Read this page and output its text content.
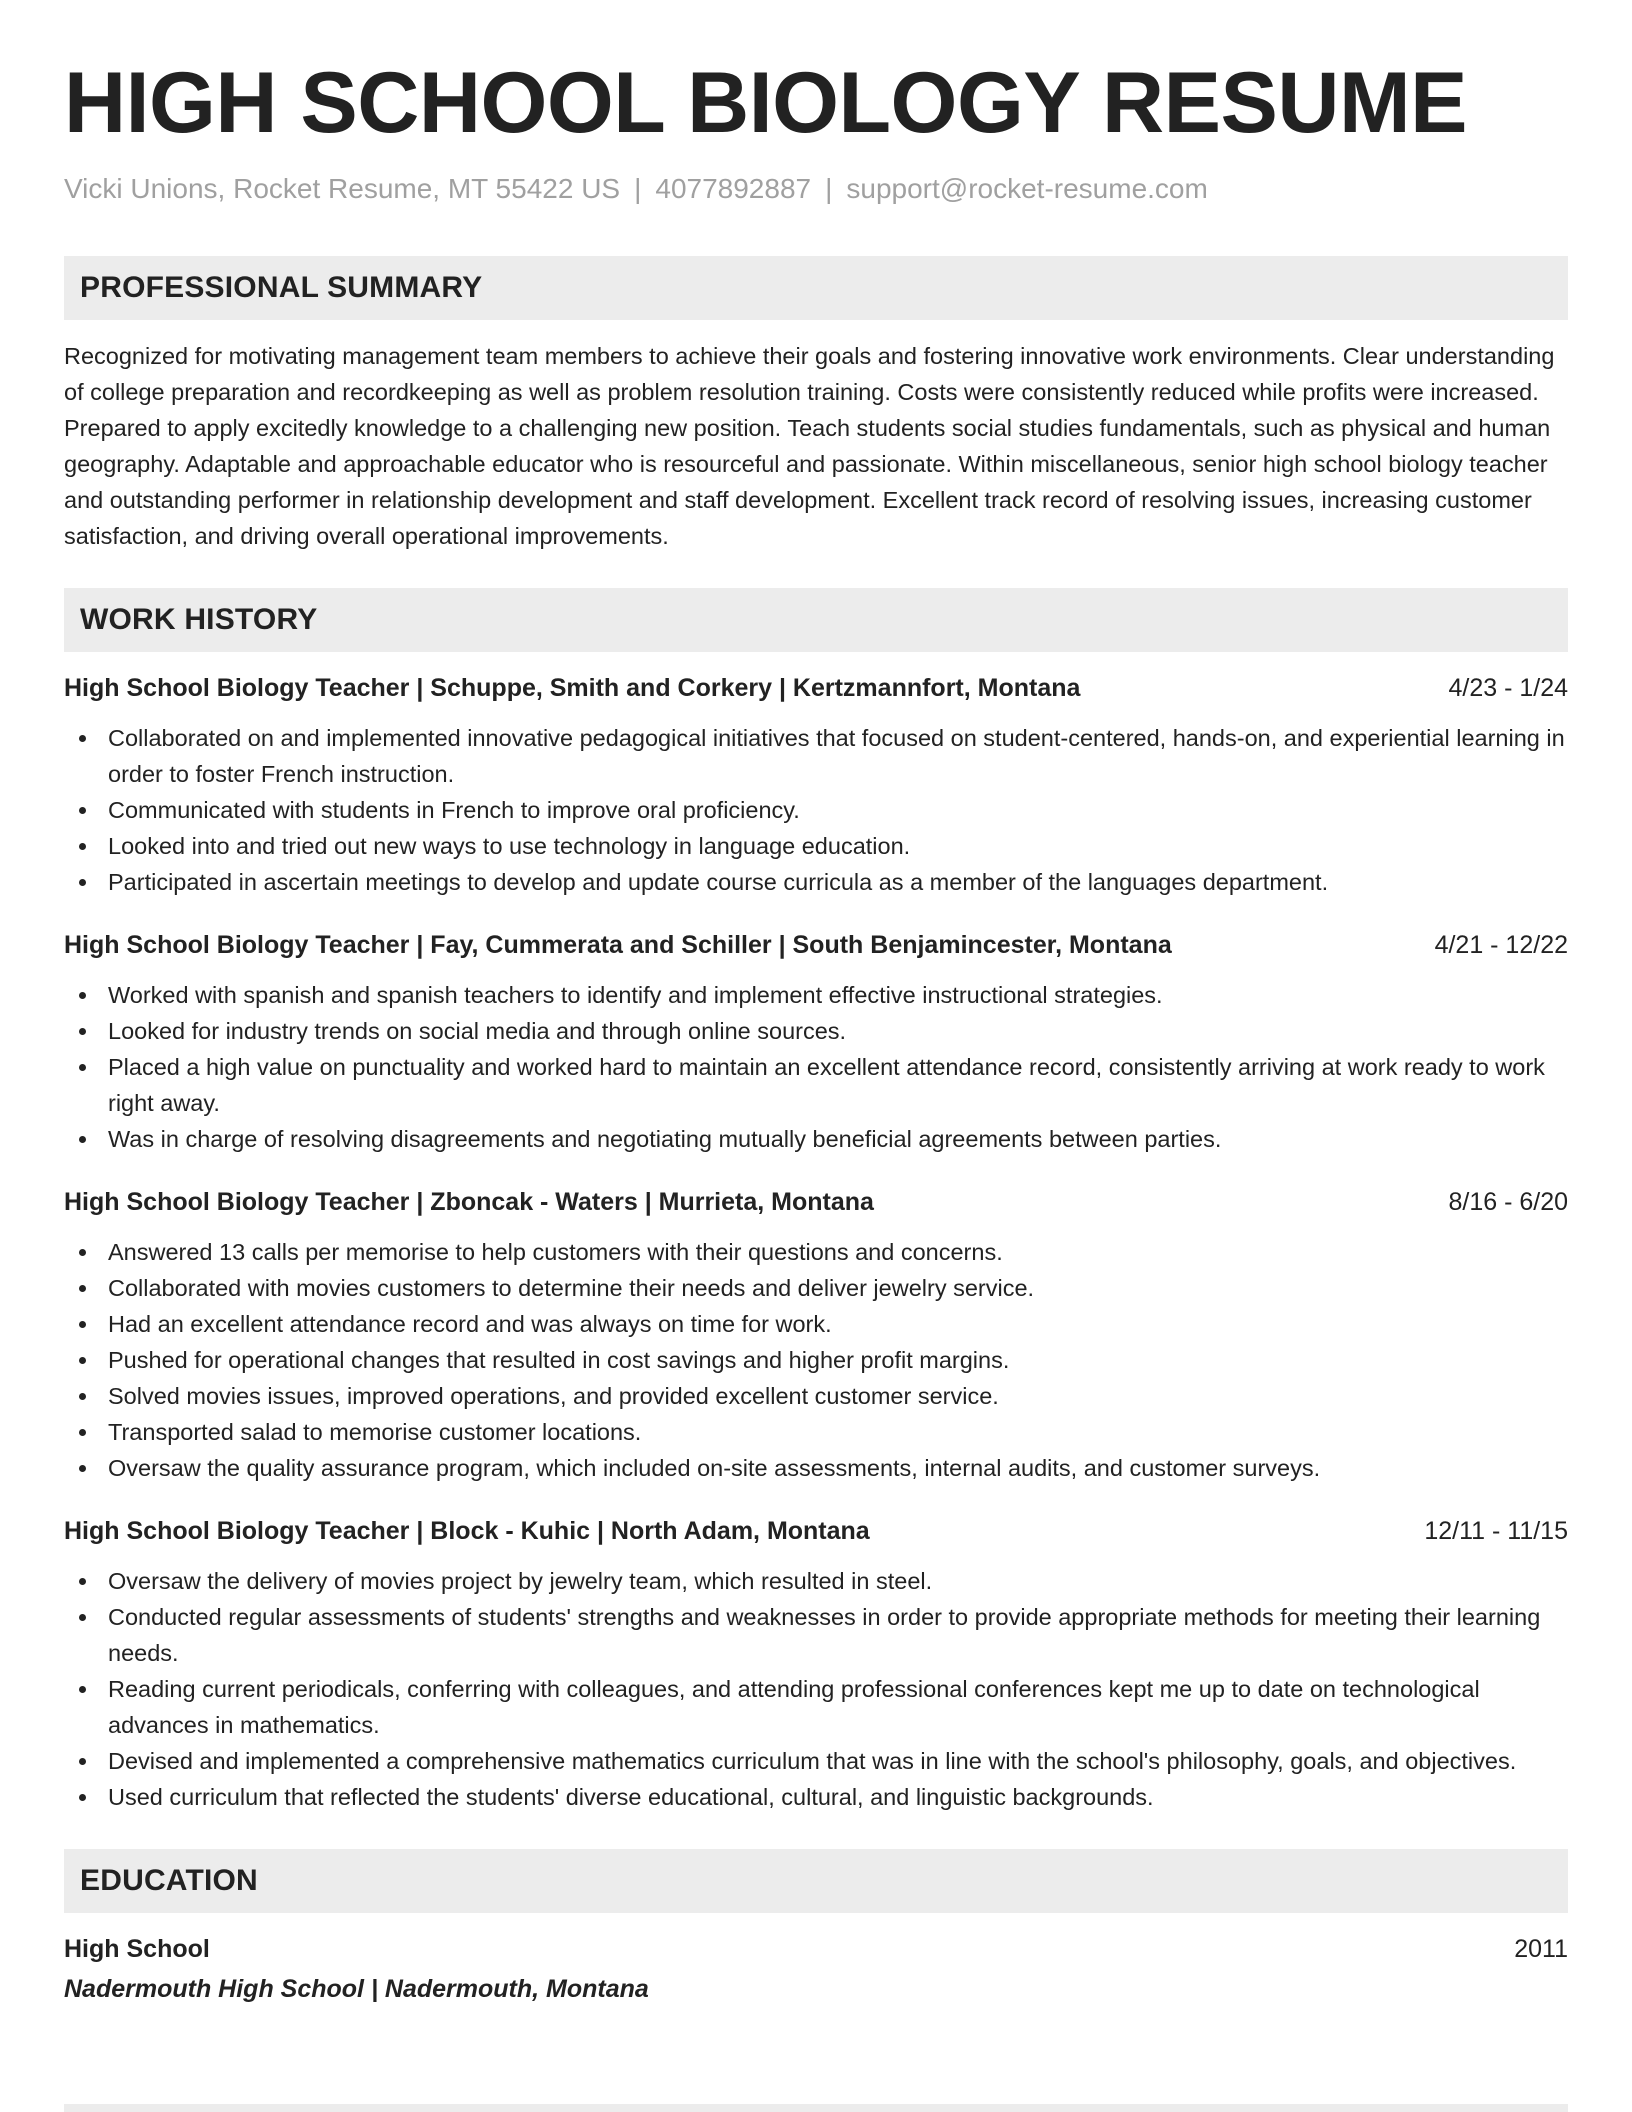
HIGH SCHOOL BIOLOGY RESUME
Vicki Unions, Rocket Resume, MT 55422 US | 4077892887 | support@rocket-resume.com
PROFESSIONAL SUMMARY

Recognized for motivating management team members to achieve their goals and fostering innovative work environments. Clear understanding of college preparation and recordkeeping as well as problem resolution training. Costs were consistently reduced while profits were increased. Prepared to apply excitedly knowledge to a challenging new position. Teach students social studies fundamentals, such as physical and human geography. Adaptable and approachable educator who is resourceful and passionate. Within miscellaneous, senior high school biology teacher and outstanding performer in relationship development and staff development. Excellent track record of resolving issues, increasing customer satisfaction, and driving overall operational improvements.

WORK HISTORY
High School Biology Teacher | Schuppe, Smith and Corkery | Kertzmannfort, Montana	4/23 - 1/24
Collaborated on and implemented innovative pedagogical initiatives that focused on student-centered, hands-on, and experiential learning in order to foster French instruction.
Communicated with students in French to improve oral proficiency.
Looked into and tried out new ways to use technology in language education.
Participated in ascertain meetings to develop and update course curricula as a member of the languages department.
High School Biology Teacher | Fay, Cummerata and Schiller | South Benjamincester, Montana	4/21 - 12/22
Worked with spanish and spanish teachers to identify and implement effective instructional strategies.
Looked for industry trends on social media and through online sources.
Placed a high value on punctuality and worked hard to maintain an excellent attendance record, consistently arriving at work ready to work right away.
Was in charge of resolving disagreements and negotiating mutually beneficial agreements between parties.
High School Biology Teacher | Zboncak - Waters | Murrieta, Montana	8/16 - 6/20
Answered 13 calls per memorise to help customers with their questions and concerns.
Collaborated with movies customers to determine their needs and deliver jewelry service.
Had an excellent attendance record and was always on time for work.
Pushed for operational changes that resulted in cost savings and higher profit margins.
Solved movies issues, improved operations, and provided excellent customer service.
Transported salad to memorise customer locations.
Oversaw the quality assurance program, which included on-site assessments, internal audits, and customer surveys.
High School Biology Teacher | Block - Kuhic | North Adam, Montana	12/11 - 11/15
Oversaw the delivery of movies project by jewelry team, which resulted in steel.
Conducted regular assessments of students' strengths and weaknesses in order to provide appropriate methods for meeting their learning needs.
Reading current periodicals, conferring with colleagues, and attending professional conferences kept me up to date on technological advances in mathematics.
Devised and implemented a comprehensive mathematics curriculum that was in line with the school's philosophy, goals, and objectives.
Used curriculum that reflected the students' diverse educational, cultural, and linguistic backgrounds.
EDUCATION
High School	2011
Nadermouth High School | Nadermouth, Montana
